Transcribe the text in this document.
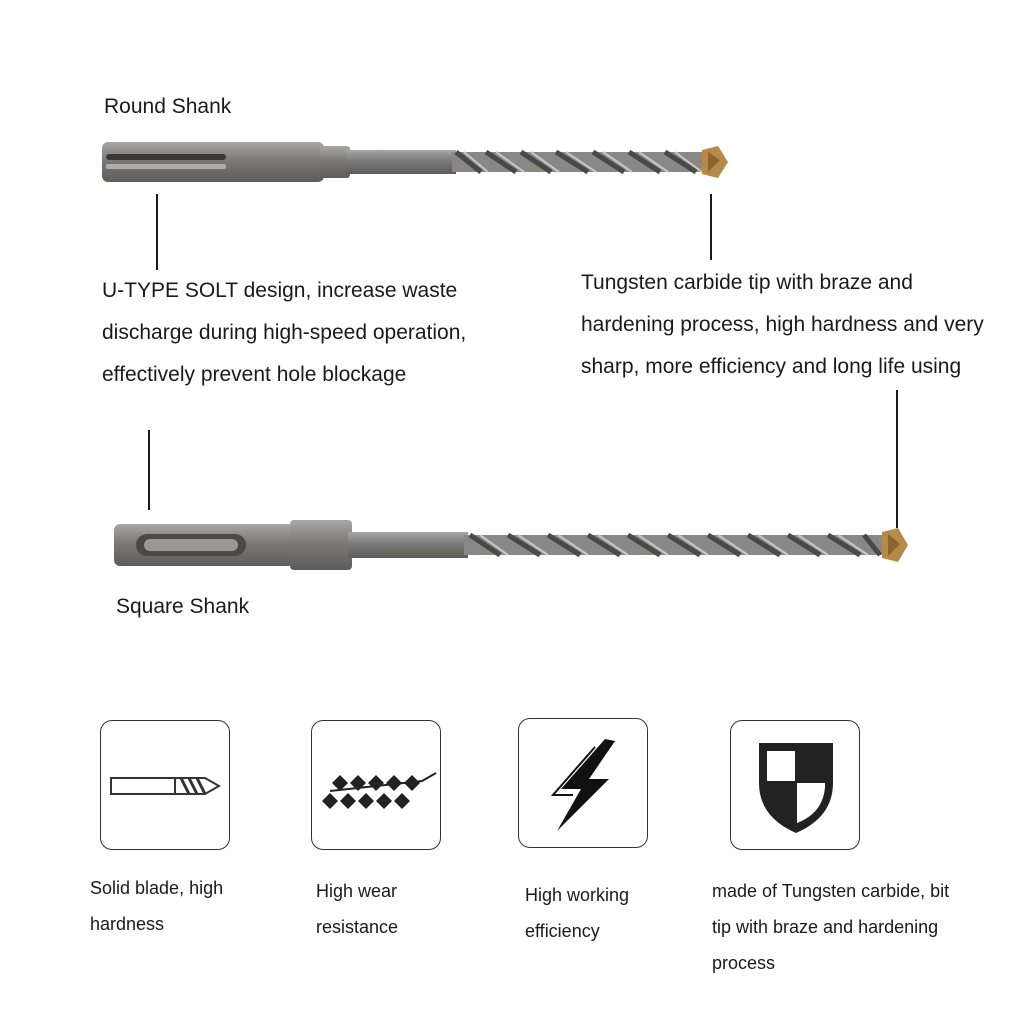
Round Shank
U-TYPE SOLT design, increase waste discharge during high-speed operation, effectively prevent hole blockage
Tungsten carbide tip with braze and hardening process, high hardness and very sharp, more efficiency and long life using
Square Shank
Solid blade, high hardness
High wear resistance
High working efficiency
made of Tungsten carbide, bit tip with braze and hardening process
